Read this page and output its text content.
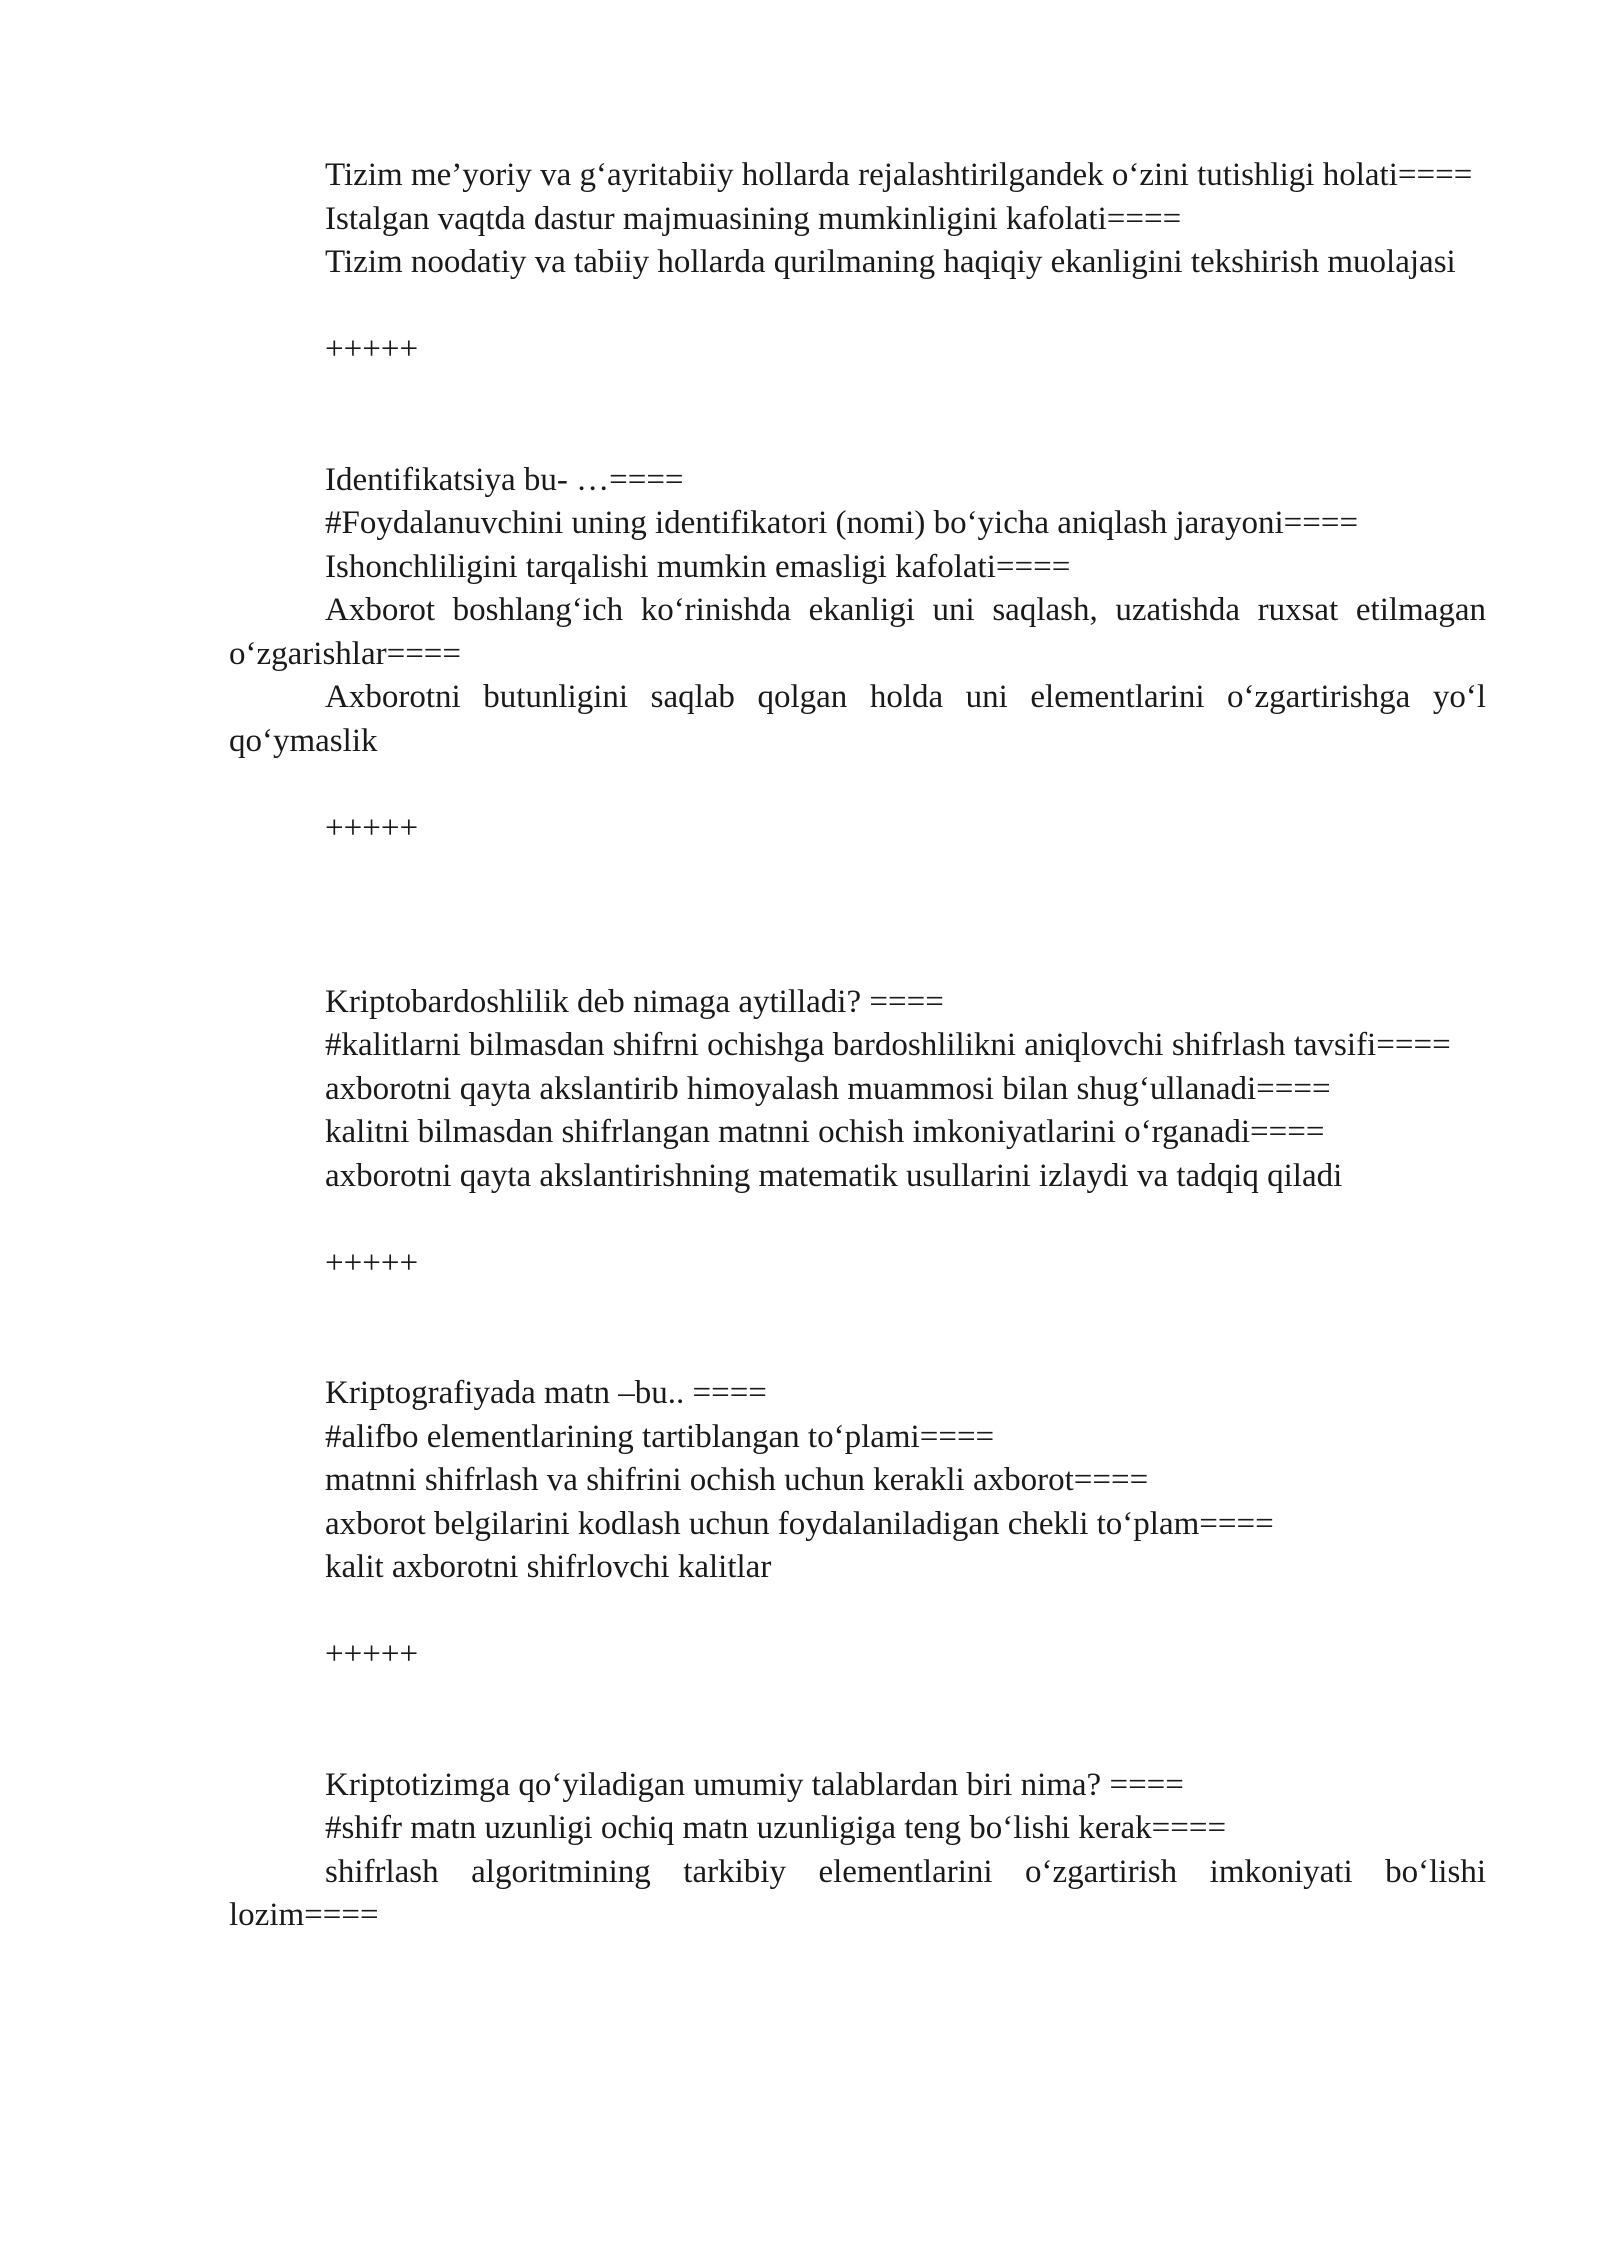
Tizim me’yoriy va g‘ayritabiiy hollarda rejalashtirilgandek o‘zini tutishligi holati====

Istalgan vaqtda dastur majmuasining mumkinligini kafolati====

Tizim noodatiy va tabiiy hollarda qurilmaning haqiqiy ekanligini tekshirish muolajasi

+++++

Identifikatsiya bu- …====

#Foydalanuvchini uning identifikatori (nomi) bo‘yicha aniqlash jarayoni====

Ishonchliligini tarqalishi mumkin emasligi kafolati====

Axborot boshlang‘ich ko‘rinishda ekanligi uni saqlash, uzatishda ruxsat etilmagan o‘zgarishlar====

Axborotni butunligini saqlab qolgan holda uni elementlarini o‘zgartirishga yo‘l qo‘ymaslik

+++++

Kriptobardoshlilik deb nimaga aytilladi? ====

#kalitlarni bilmasdan shifrni ochishga bardoshlilikni aniqlovchi shifrlash tavsifi====

axborotni qayta akslantirib himoyalash muammosi bilan shug‘ullanadi====

kalitni bilmasdan shifrlangan matnni ochish imkoniyatlarini o‘rganadi====

axborotni qayta akslantirishning matematik usullarini izlaydi va tadqiq qiladi

+++++

Kriptografiyada matn –bu.. ====

#alifbo elementlarining tartiblangan to‘plami====

matnni shifrlash va shifrini ochish uchun kerakli axborot====

axborot belgilarini kodlash uchun foydalaniladigan chekli to‘plam====

kalit axborotni shifrlovchi kalitlar

+++++

Kriptotizimga qo‘yiladigan umumiy talablardan biri nima? ====

#shifr matn uzunligi ochiq matn uzunligiga teng bo‘lishi kerak====

shifrlash algoritmining tarkibiy elementlarini o‘zgartirish imkoniyati bo‘lishi lozim====
